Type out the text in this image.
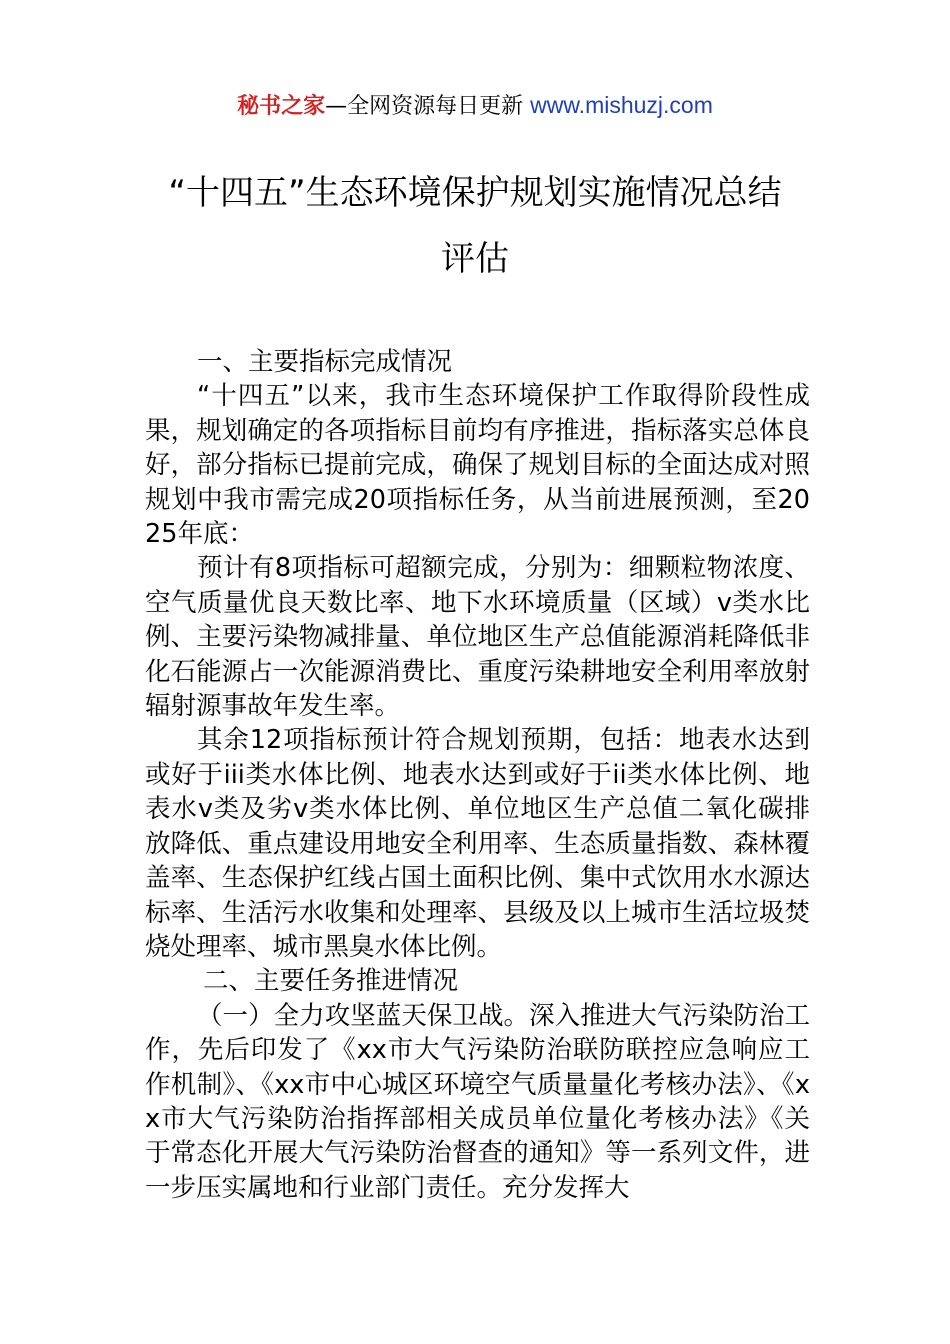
秘书之家—全网资源每日更新 www.mishuzj.com
“十四五”生态环境保护规划实施情况总结
评估

一、主要指标完成情况

“十四五”以来，我市生态环境保护工作取得阶段性成果，规划确定的各项指标目前均有序推进，指标落实总体良好，部分指标已提前完成，确保了规划目标的全面达成对照规划中我市需完成20项指标任务，从当前进展预测，至2025年底：

预计有8项指标可超额完成，分别为：细颗粒物浓度、空气质量优良天数比率、地下水环境质量（区域）v类水比例、主要污染物减排量、单位地区生产总值能源消耗降低非化石能源占一次能源消费比、重度污染耕地安全利用率放射辐射源事故年发生率。

其余12项指标预计符合规划预期，包括：地表水达到或好于iii类水体比例、地表水达到或好于ii类水体比例、地表水v类及劣v类水体比例、单位地区生产总值二氧化碳排放降低、重点建设用地安全利用率、生态质量指数、森林覆盖率、生态保护红线占国土面积比例、集中式饮用水水源达标率、生活污水收集和处理率、县级及以上城市生活垃圾焚烧处理率、城市黑臭水体比例。

二、主要任务推进情况

（一）全力攻坚蓝天保卫战。深入推进大气污染防治工作，先后印发了《xx市大气污染防治联防联控应急响应工作机制》、《xx市中心城区环境空气质量量化考核办法》、《xx市大气污染防治指挥部相关成员单位量化考核办法》《关于常态化开展大气污染防治督查的通知》等一系列文件，进一步压实属地和行业部门责任。充分发挥大
